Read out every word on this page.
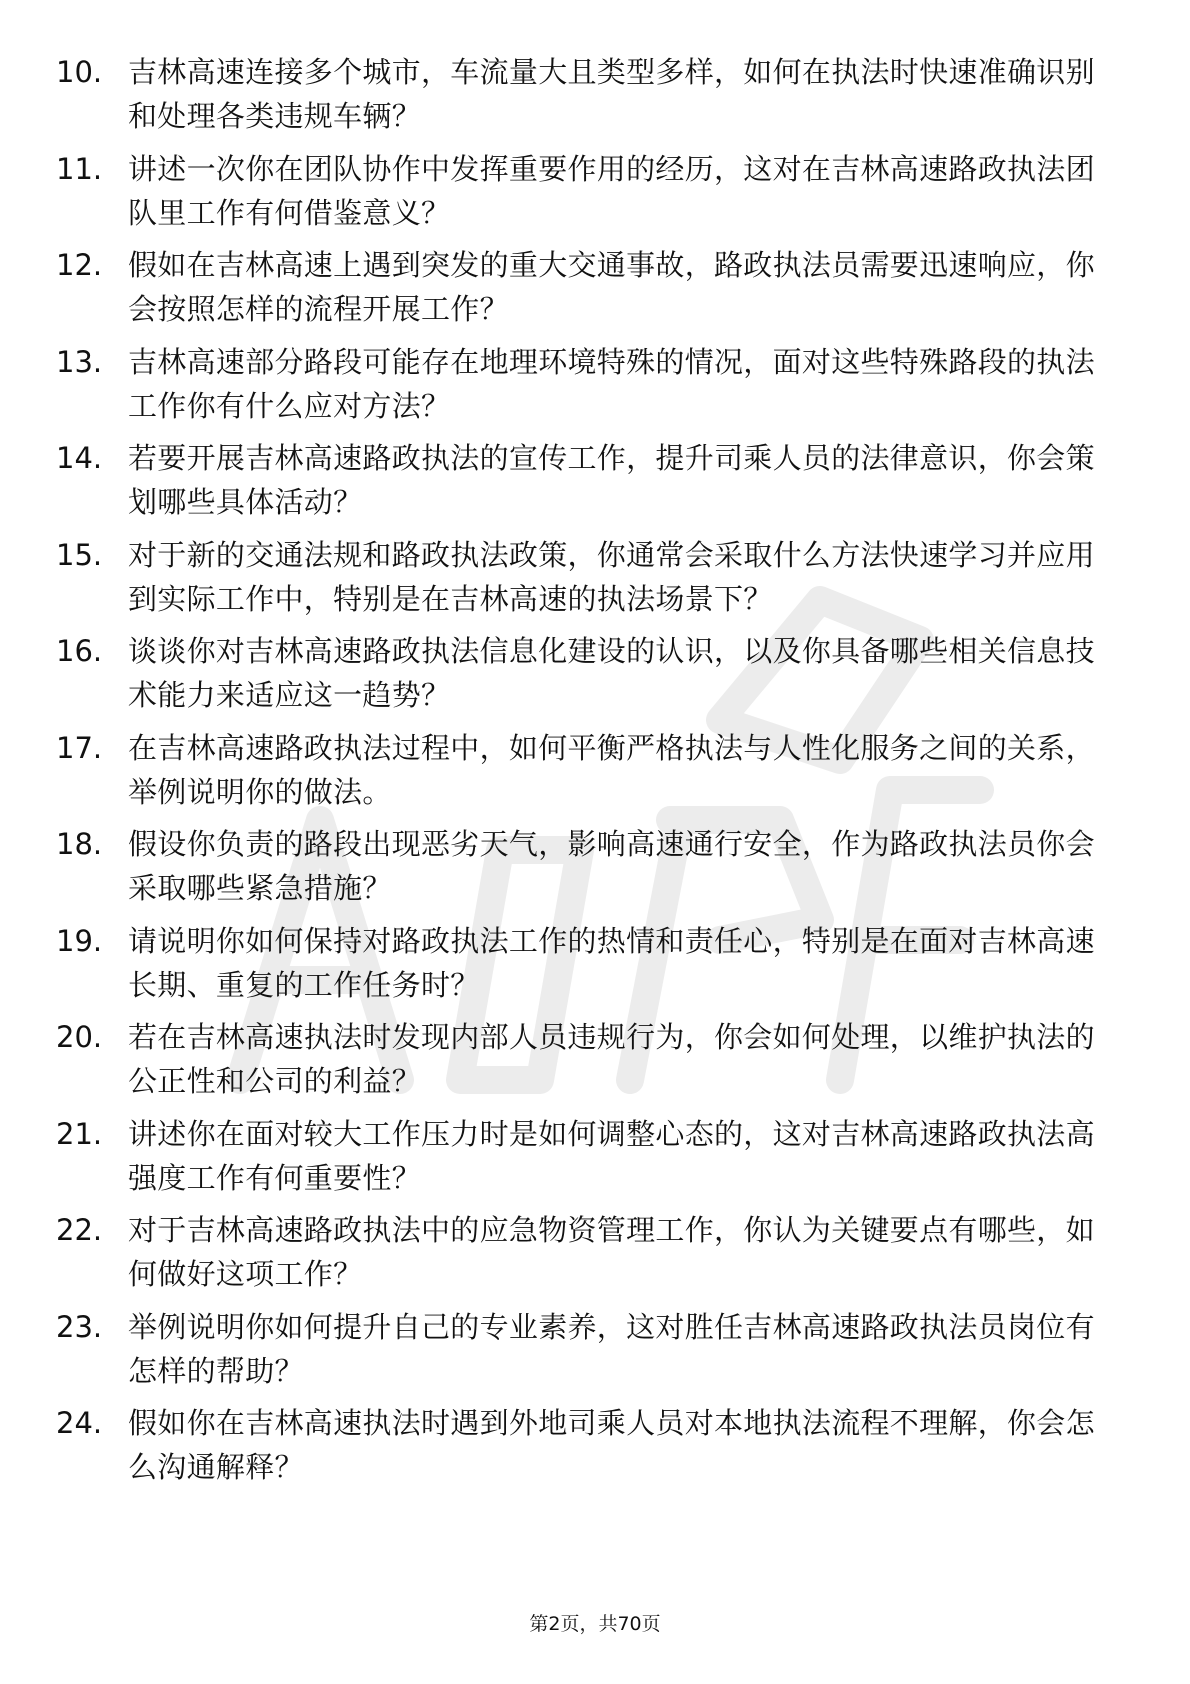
10. 吉林高速连接多个城市，车流量大且类型多样，如何在执法时快速准确识别和处理各类违规车辆？
11. 讲述一次你在团队协作中发挥重要作用的经历，这对在吉林高速路政执法团队里工作有何借鉴意义？
12. 假如在吉林高速上遇到突发的重大交通事故，路政执法员需要迅速响应，你会按照怎样的流程开展工作？
13. 吉林高速部分路段可能存在地理环境特殊的情况，面对这些特殊路段的执法工作你有什么应对方法？
14. 若要开展吉林高速路政执法的宣传工作，提升司乘人员的法律意识，你会策划哪些具体活动？
15. 对于新的交通法规和路政执法政策，你通常会采取什么方法快速学习并应用到实际工作中，特别是在吉林高速的执法场景下？
16. 谈谈你对吉林高速路政执法信息化建设的认识，以及你具备哪些相关信息技术能力来适应这一趋势？
17. 在吉林高速路政执法过程中，如何平衡严格执法与人性化服务之间的关系，举例说明你的做法。
18. 假设你负责的路段出现恶劣天气，影响高速通行安全，作为路政执法员你会采取哪些紧急措施？
19. 请说明你如何保持对路政执法工作的热情和责任心，特别是在面对吉林高速长期、重复的工作任务时？
20. 若在吉林高速执法时发现内部人员违规行为，你会如何处理，以维护执法的公正性和公司的利益？
21. 讲述你在面对较大工作压力时是如何调整心态的，这对吉林高速路政执法高强度工作有何重要性？
22. 对于吉林高速路政执法中的应急物资管理工作，你认为关键要点有哪些，如何做好这项工作？
23. 举例说明你如何提升自己的专业素养，这对胜任吉林高速路政执法员岗位有怎样的帮助？
24. 假如你在吉林高速执法时遇到外地司乘人员对本地执法流程不理解，你会怎么沟通解释？
第2页，共70页
